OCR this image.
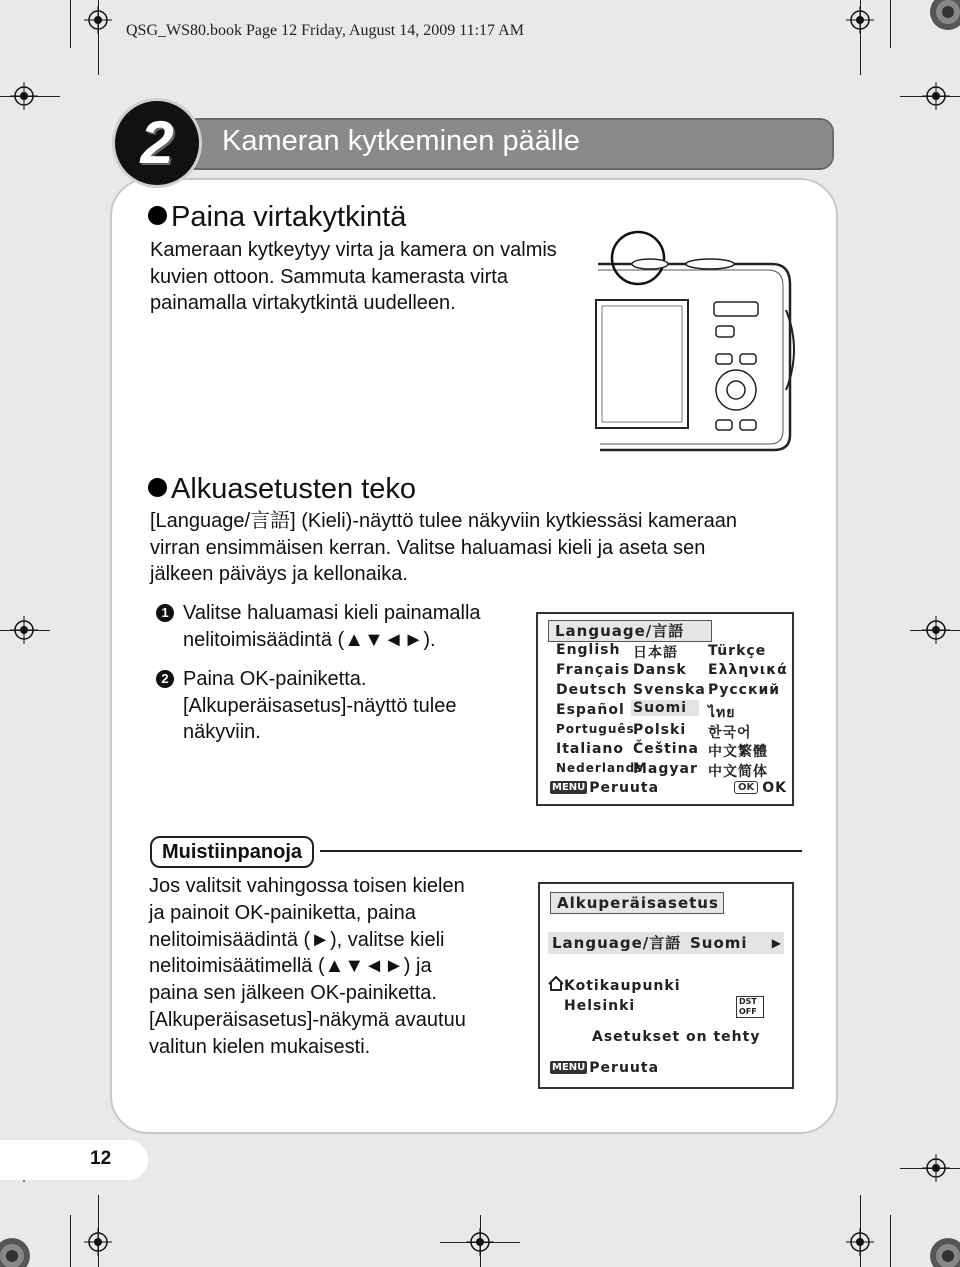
QSG_WS80.book Page 12 Friday, August 14, 2009 11:17 AM
Kameran kytkeminen päälle
2
Paina virtakytkintä
Kameraan kytkeytyy virta ja kamera on valmis
kuvien ottoon. Sammuta kamerasta virta
painamalla virtakytkintä uudelleen.
Alkuasetusten teko
[Language/言語] (Kieli)-näyttö tulee näkyviin kytkiessäsi kameraan
virran ensimmäisen kerran. Valitse haluamasi kieli ja aseta sen
jälkeen päiväys ja kellonaika.
1 Valitse haluamasi kieli painamalla
nelitoimisäädintä (▲▼◄►).
2 Paina OK-painiketta.
[Alkuperäisasetus]-näyttö tulee
näkyviin.
Language/言語
English
Français
Deutsch
Español
Português
Italiano
Nederlands
日本語
Dansk
Svenska
Suomi
Polski
Čeština
Magyar
Türkçe
Ελληνικά
Русский
ไทย
한국어
中文繁體
中文简体
MENU Peruuta	OK OK
Muistiinpanoja
Jos valitsit vahingossa toisen kielen
ja painoit OK-painiketta, paina
nelitoimisäädintä (►), valitse kieli
nelitoimisäätimellä (▲▼◄►) ja
paina sen jälkeen OK-painiketta.
[Alkuperäisasetus]-näkymä avautuu
valitun kielen mukaisesti.
Alkuperäisasetus
Language/言語 Suomi ▶
Kotikaupunki
Helsinki	DST OFF
Asetukset on tehty
MENU Peruuta
12
